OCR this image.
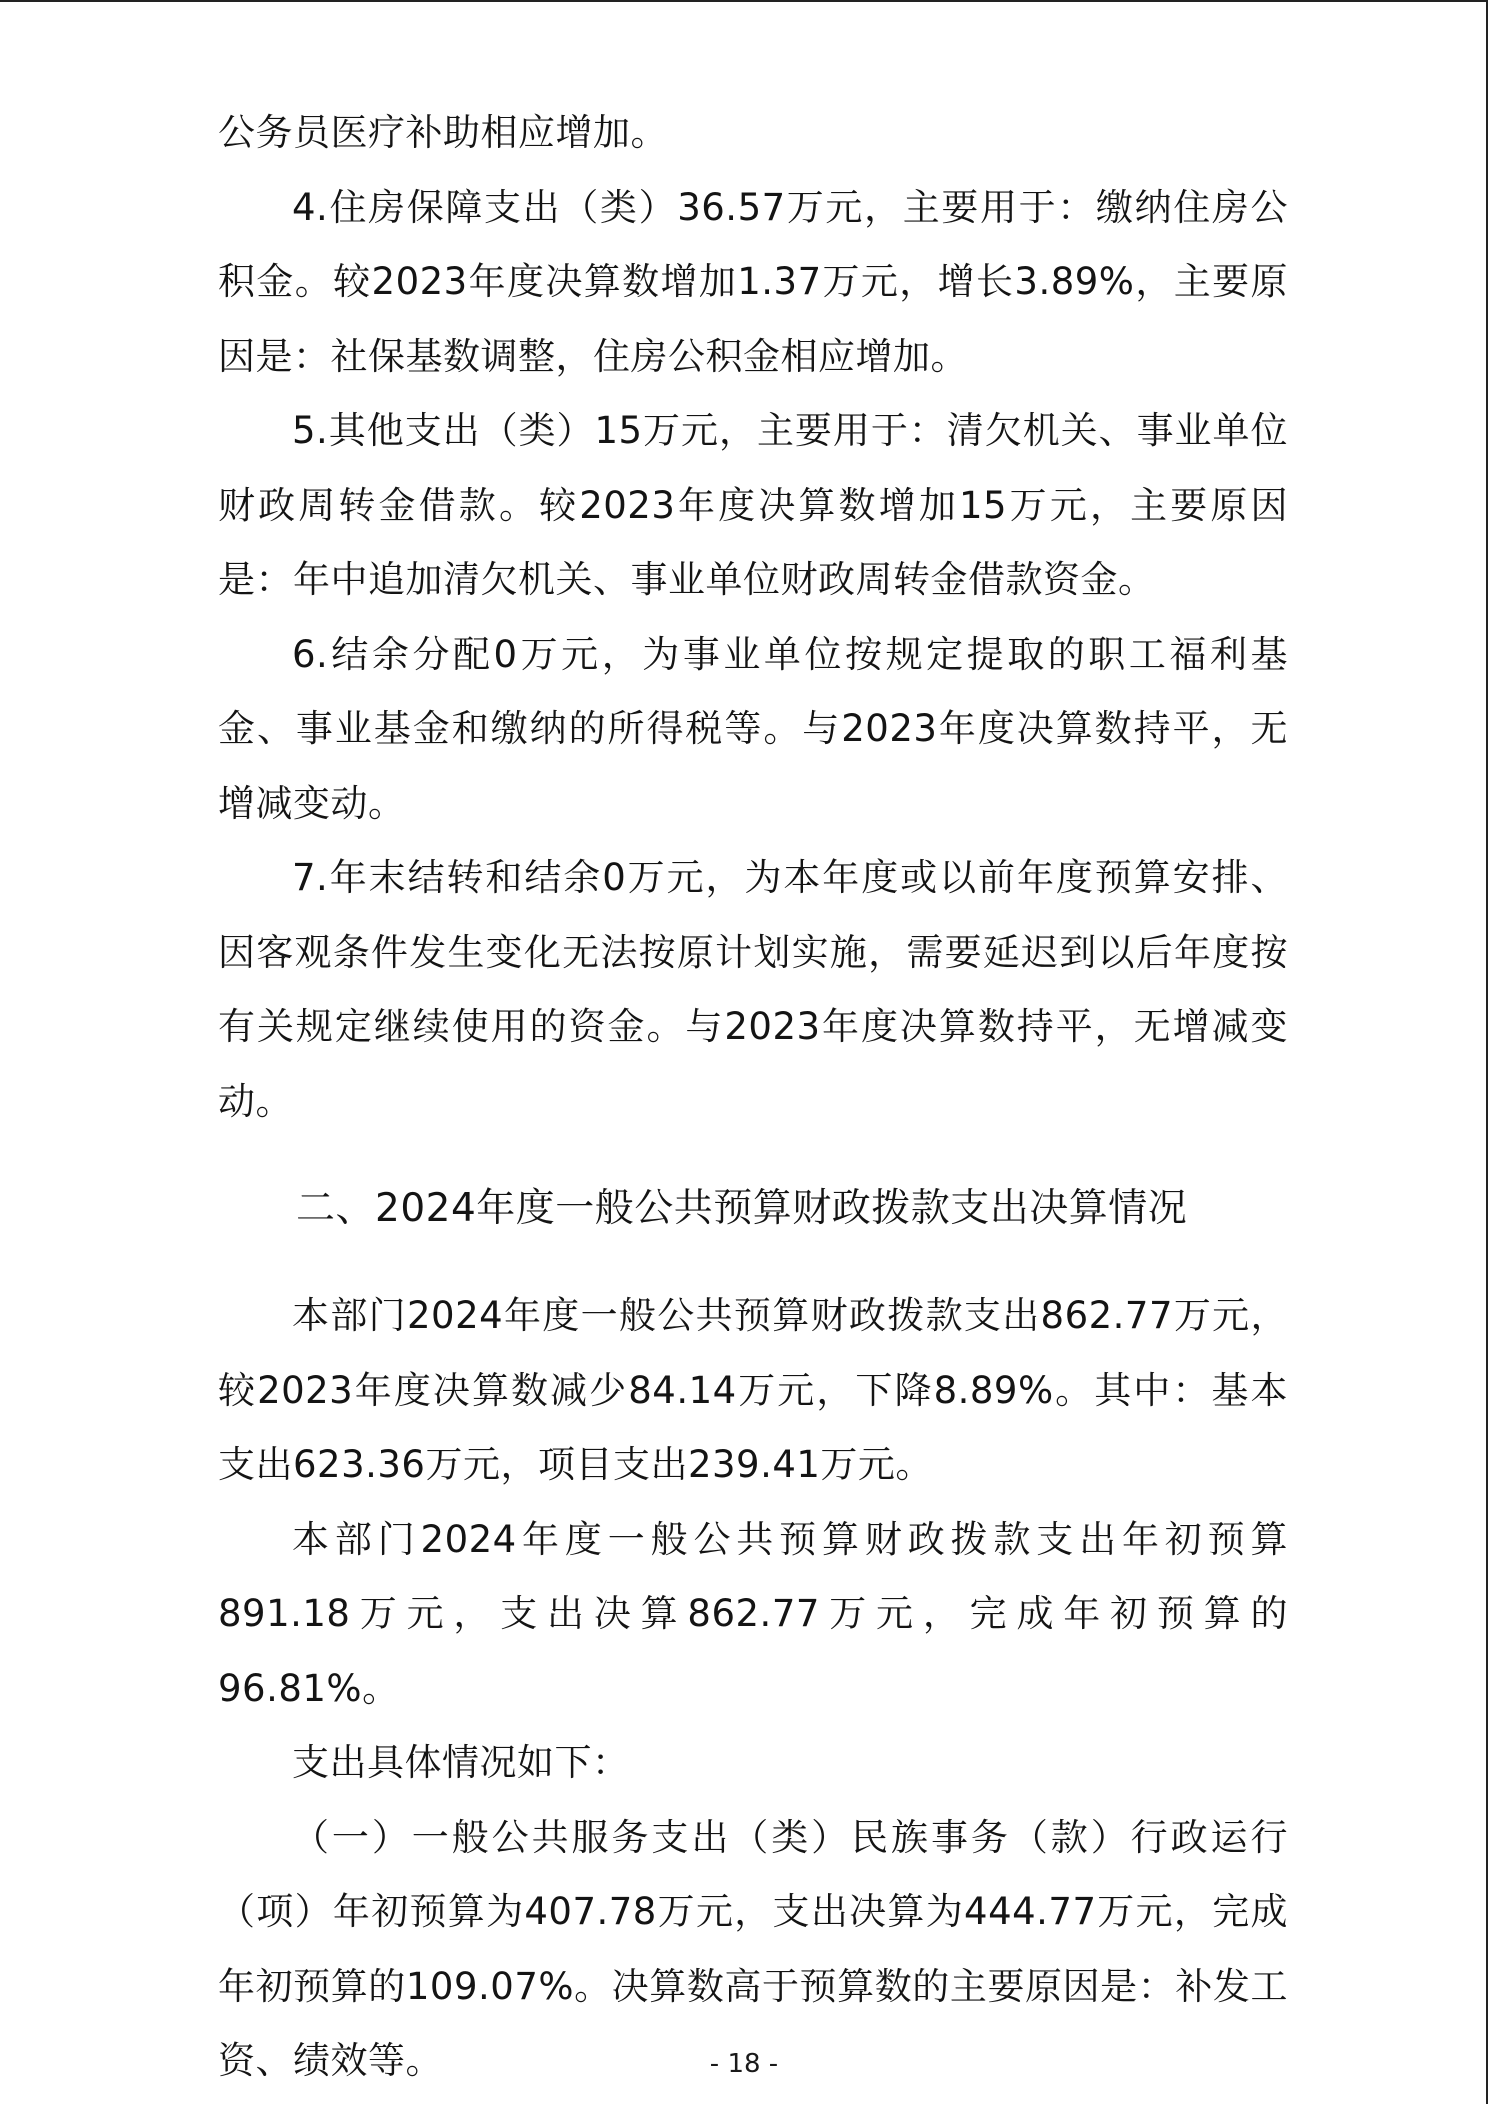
公务员医疗补助相应增加。

4.住房保障支出（类）36.57万元，主要用于：缴纳住房公积金。较2023年度决算数增加1.37万元，增长3.89%，主要原因是：社保基数调整，住房公积金相应增加。

5.其他支出（类）15万元，主要用于：清欠机关、事业单位财政周转金借款。较2023年度决算数增加15万元，主要原因是：年中追加清欠机关、事业单位财政周转金借款资金。

6.结余分配0万元，为事业单位按规定提取的职工福利基金、事业基金和缴纳的所得税等。与2023年度决算数持平，无增减变动。

7.年末结转和结余0万元，为本年度或以前年度预算安排、因客观条件发生变化无法按原计划实施，需要延迟到以后年度按有关规定继续使用的资金。与2023年度决算数持平，无增减变动。

二、2024年度一般公共预算财政拨款支出决算情况

本部门2024年度一般公共预算财政拨款支出862.77万元，较2023年度决算数减少84.14万元，下降8.89%。其中：基本支出623.36万元，项目支出239.41万元。

本部门2024年度一般公共预算财政拨款支出年初预算891.18万元，支出决算862.77万元，完成年初预算的96.81%。

支出具体情况如下：

（一）一般公共服务支出（类）民族事务（款）行政运行（项）年初预算为407.78万元，支出决算为444.77万元，完成年初预算的109.07%。决算数高于预算数的主要原因是：补发工资、绩效等。	- 18 -
